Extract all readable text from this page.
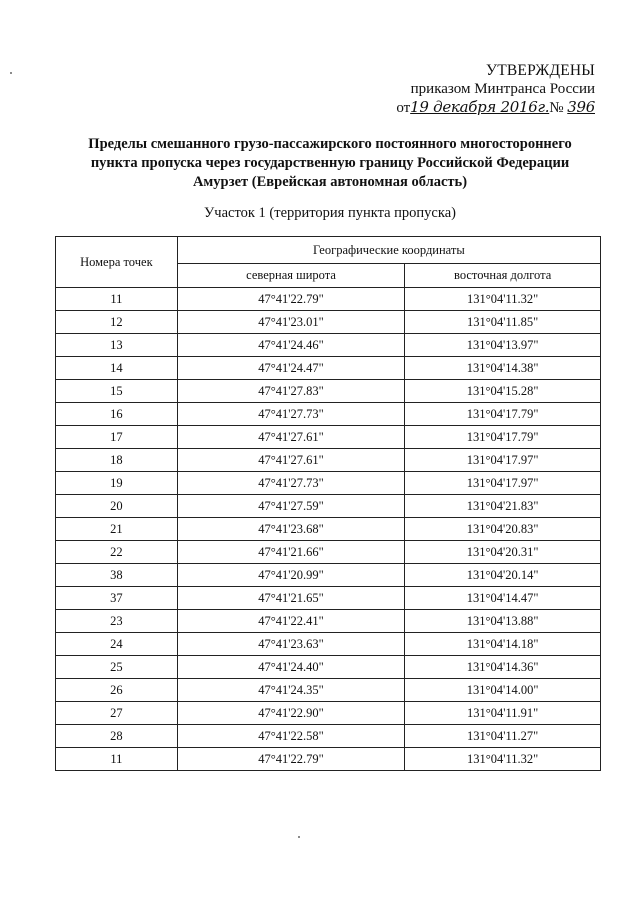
УТВЕРЖДЕНЫ
приказом Минтранса России
от19 декабря 2016г.№ 396
Пределы смешанного грузо-пассажирского постоянного многостороннего
пункта пропуска через государственную границу Российской Федерации
Амурзет (Еврейская автономная область)
Участок 1 (территория пункта пропуска)
Номера точек	Географические координаты	
	северная широта	восточная долгота
11	47°41'22.79"	131°04'11.32"
12	47°41'23.01"	131°04'11.85"
13	47°41'24.46"	131°04'13.97"
14	47°41'24.47"	131°04'14.38"
15	47°41'27.83"	131°04'15.28"
16	47°41'27.73"	131°04'17.79"
17	47°41'27.61"	131°04'17.79"
18	47°41'27.61"	131°04'17.97"
19	47°41'27.73"	131°04'17.97"
20	47°41'27.59"	131°04'21.83"
21	47°41'23.68"	131°04'20.83"
22	47°41'21.66"	131°04'20.31"
38	47°41'20.99"	131°04'20.14"
37	47°41'21.65"	131°04'14.47"
23	47°41'22.41"	131°04'13.88"
24	47°41'23.63"	131°04'14.18"
25	47°41'24.40"	131°04'14.36"
26	47°41'24.35"	131°04'14.00"
27	47°41'22.90"	131°04'11.91"
28	47°41'22.58"	131°04'11.27"
11	47°41'22.79"	131°04'11.32"
